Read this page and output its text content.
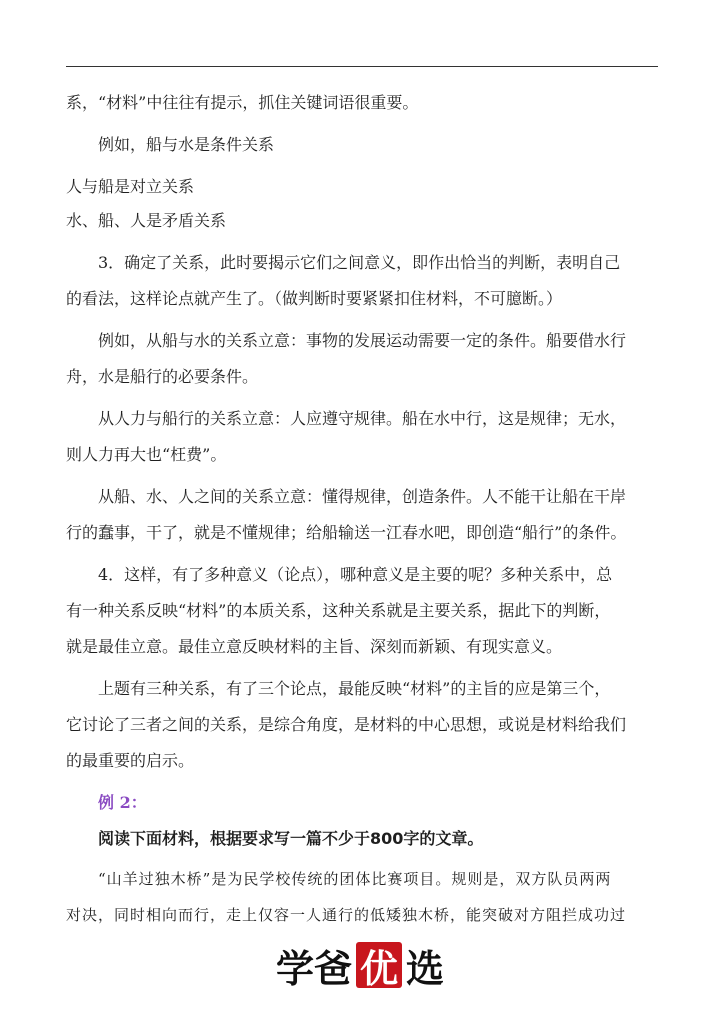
系，“材料”中往往有提示，抓住关键词语很重要。
例如，船与水是条件关系
人与船是对立关系
水、船、人是矛盾关系
3．确定了关系，此时要揭示它们之间意义，即作出恰当的判断，表明自己
的看法，这样论点就产生了。（做判断时要紧紧扣住材料，不可臆断。）
例如，从船与水的关系立意：事物的发展运动需要一定的条件。船要借水行
舟，水是船行的必要条件。
从人力与船行的关系立意：人应遵守规律。船在水中行，这是规律；无水，
则人力再大也“枉费”。
从船、水、人之间的关系立意：懂得规律，创造条件。人不能干让船在干岸
行的蠢事，干了，就是不懂规律；给船输送一江春水吧，即创造“船行”的条件。
4．这样，有了多种意义（论点），哪种意义是主要的呢？多种关系中，总
有一种关系反映“材料”的本质关系，这种关系就是主要关系，据此下的判断，
就是最佳立意。最佳立意反映材料的主旨、深刻而新颖、有现实意义。
上题有三种关系，有了三个论点，最能反映“材料”的主旨的应是第三个，
它讨论了三者之间的关系，是综合角度，是材料的中心思想，或说是材料给我们
的最重要的启示。
例 2：
阅读下面材料，根据要求写一篇不少于800字的文章。
“山羊过独木桥”是为民学校传统的团体比赛项目。规则是，双方队员两两
对决，同时相向而行，走上仅容一人通行的低矮独木桥，能突破对方阻拦成功过
学爸 优 选
